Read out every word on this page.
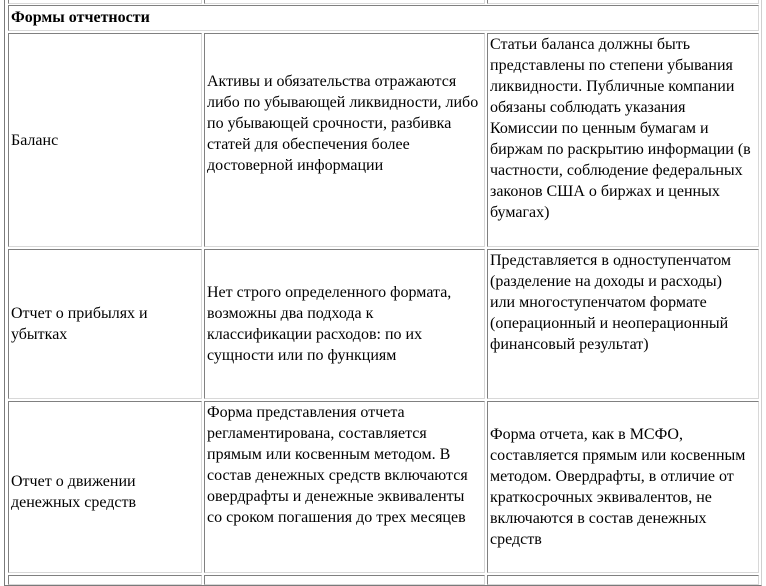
Формы отчетности
Баланс
Активы и обязательства отражаются либо по убывающей ликвидности, либо по убывающей срочности, разбивка статей для обеспечения более достоверной информации
Статьи баланса должны быть представлены по степени убывания ликвидности. Публичные компании обязаны соблюдать указания Комиссии по ценным бумагам и биржам по раскрытию информации (в частности, соблюдение федеральных законов США о биржах и ценных бумагах)
Отчет о прибылях и убытках
Нет строго определенного формата, возможны два подхода к классификации расходов: по их сущности или по функциям
Представляется в одноступенчатом (разделение на доходы и расходы) или многоступенчатом формате (операционный и неоперационный финансовый результат)
Отчет о движении денежных средств
Форма представления отчета регламентирована, составляется прямым или косвенным методом. В состав денежных средств включаются овердрафты и денежные эквиваленты со сроком погашения до трех месяцев
Форма отчета, как в МСФО, составляется прямым или косвенным методом. Овердрафты, в отличие от краткосрочных эквивалентов, не включаются в состав денежных средств
